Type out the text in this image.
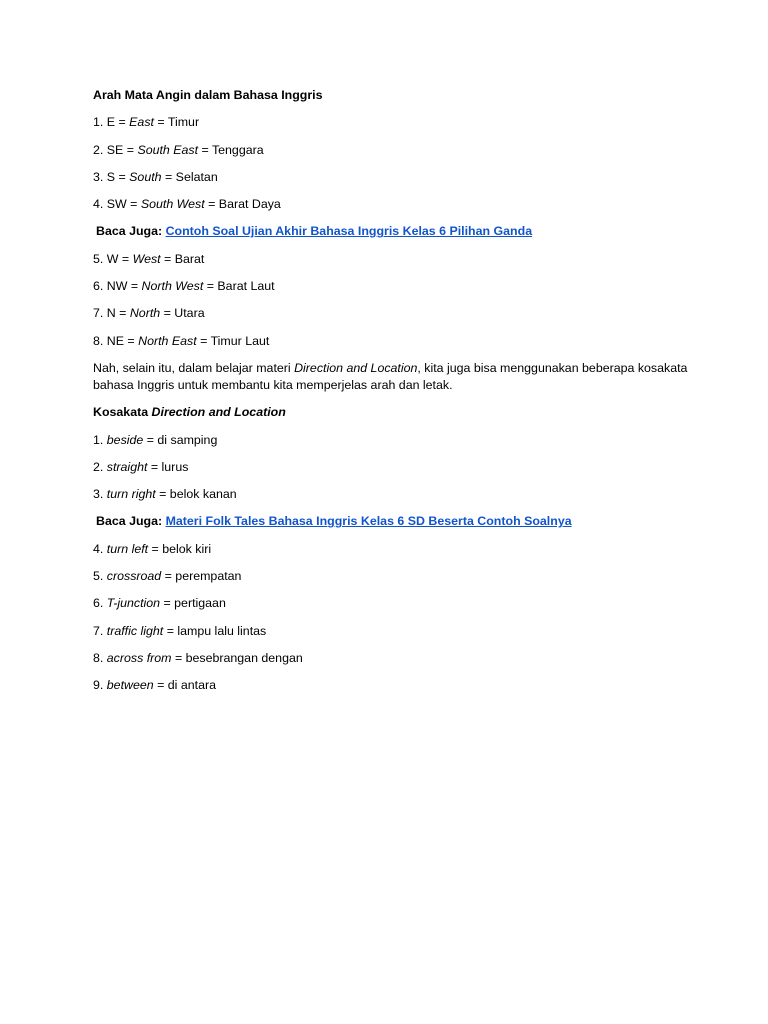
Arah Mata Angin dalam Bahasa Inggris

1. E = East = Timur

2. SE = South East = Tenggara

3. S = South = Selatan

4. SW = South West = Barat Daya

Baca Juga: Contoh Soal Ujian Akhir Bahasa Inggris Kelas 6 Pilihan Ganda

5. W = West = Barat

6. NW = North West = Barat Laut

7. N = North = Utara

8. NE = North East = Timur Laut

Nah, selain itu, dalam belajar materi Direction and Location, kita juga bisa menggunakan beberapa kosakata bahasa Inggris untuk membantu kita memperjelas arah dan letak.

Kosakata Direction and Location

1. beside = di samping

2. straight = lurus

3. turn right = belok kanan

Baca Juga: Materi Folk Tales Bahasa Inggris Kelas 6 SD Beserta Contoh Soalnya

4. turn left = belok kiri

5. crossroad = perempatan

6. T-junction = pertigaan

7. traffic light = lampu lalu lintas

8. across from = besebrangan dengan

9. between = di antara
